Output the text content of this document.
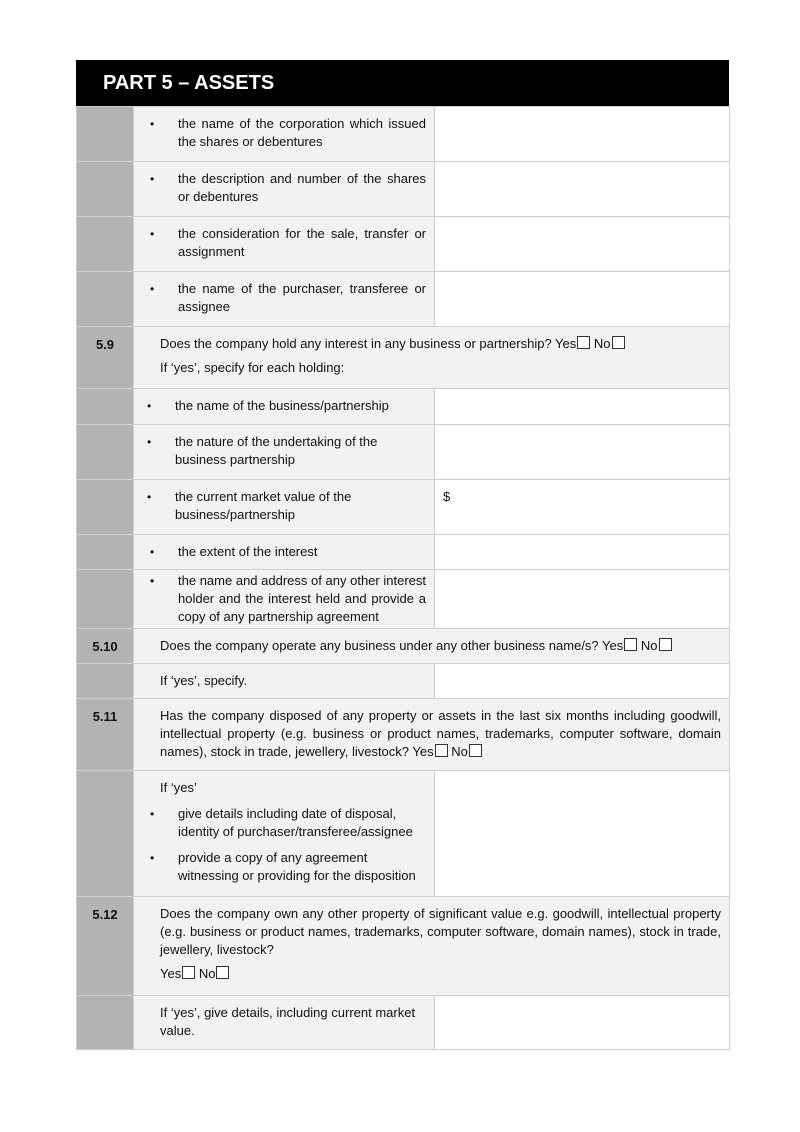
PART 5 – ASSETS

	• the name of the corporation which issued the shares or debentures

	• the description and number of the shares or debentures

	• the consideration for the sale, transfer or assignment

	• the name of the purchaser, transferee or assignee

5.9	Does the company hold any interest in any business or partnership? Yes No
If ‘yes’, specify for each holding:	

	• the name of the business/partnership

	• the nature of the undertaking of the business partnership

	• the current market value of the business/partnership	$

	• the extent of the interest

	• the name and address of any other interest holder and the interest held and provide a copy of any partnership agreement

5.10	Does the company operate any business under any other business name/s? Yes No	
	If ‘yes’, specify.	
5.11	Has the company disposed of any property or assets in the last six months including goodwill, intellectual property (e.g. business or product names, trademarks, computer software, domain names), stock in trade, jewellery, livestock? Yes No	

	If ‘yes’
• give details including date of disposal, identity of purchaser/transferee/assignee
• provide a copy of any agreement witnessing or providing for the disposition

5.12	Does the company own any other property of significant value e.g. goodwill, intellectual property (e.g. business or product names, trademarks, computer software, domain names), stock in trade, jewellery, livestock?
Yes No	

	If ‘yes’, give details, including current market value.	
